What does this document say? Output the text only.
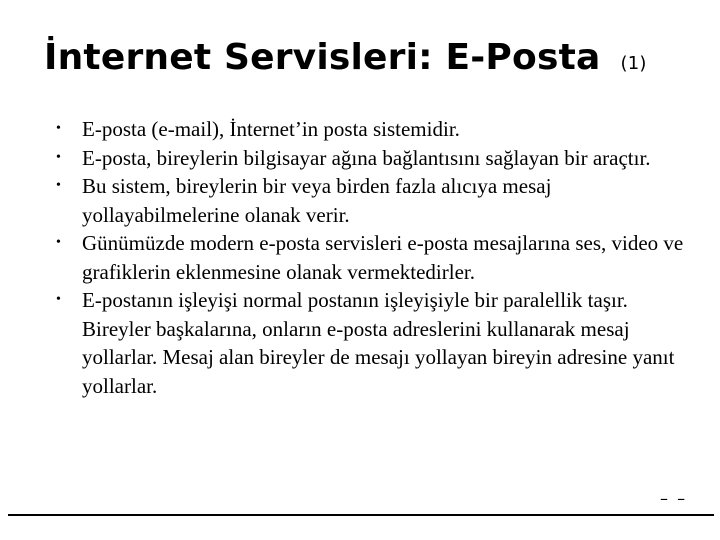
İnternet Servisleri: E-Posta (1)
• E-posta (e-mail), İnternet’in posta sistemidir.
• E-posta, bireylerin bilgisayar ağına bağlantısını sağlayan bir araçtır.
• Bu sistem, bireylerin bir veya birden fazla alıcıya mesaj yollayabilmelerine olanak verir.
• Günümüzde modern e-posta servisleri e-posta mesajlarına ses, video ve grafiklerin eklenmesine olanak vermektedirler.
• E-postanın işleyişi normal postanın işleyişiyle bir paralellik taşır. Bireyler başkalarına, onların e-posta adreslerini kullanarak mesaj yollarlar. Mesaj alan bireyler de mesajı yollayan bireyin adresine yanıt yollarlar.
– –
